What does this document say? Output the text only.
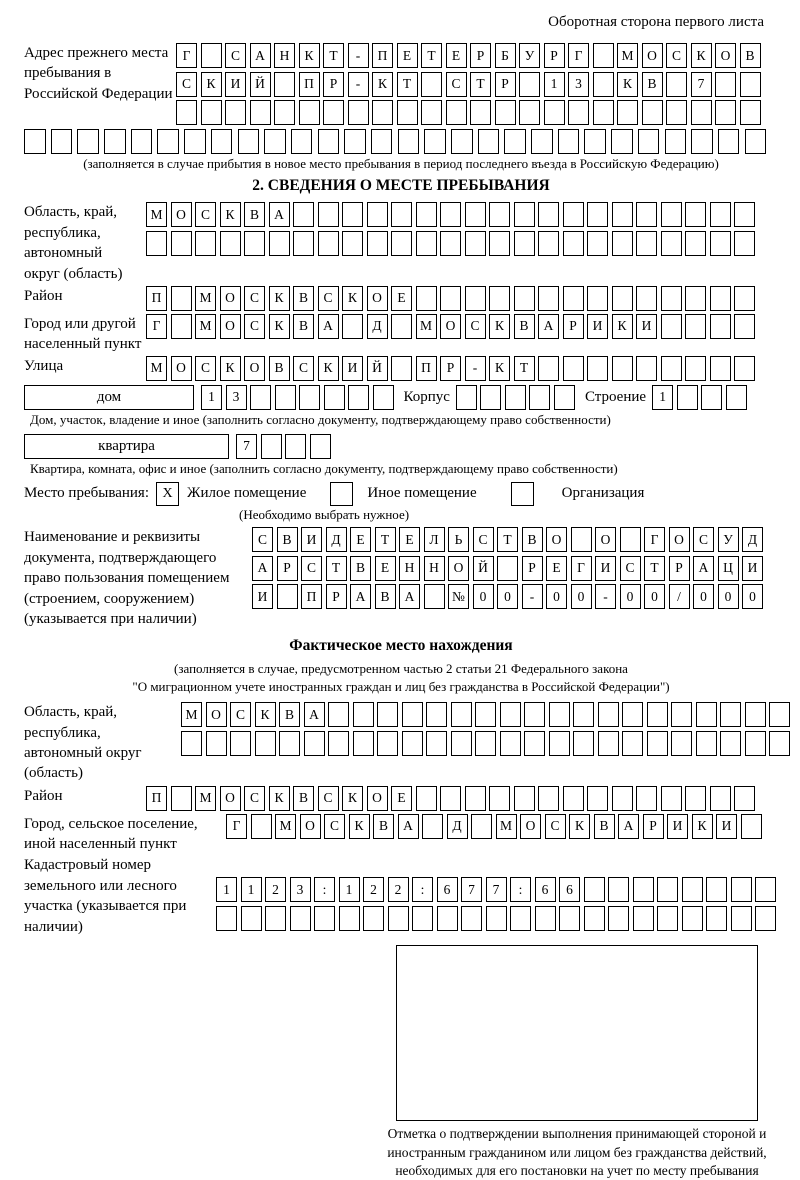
Оборотная сторона первого листа
Адрес прежнего места пребывания в Российской Федерации
Г	С	А	Н	К	Т	-	П	Е	Т	Е	Р	Б	У	Р	Г	М	О	С	К	О	В
С	К	И	Й	П	Р	-	К	Т	С	Т	Р	1	3	К	В	7
(заполняется в случае прибытия в новое место пребывания в период последнего въезда в Российскую Федерацию)
2. СВЕДЕНИЯ О МЕСТЕ ПРЕБЫВАНИЯ
Область, край,
республика,
автономный
округ (область)
М	О	С	К	В	А
Район	П	М	О	С	К	В	С	К	О	Е
Город или другой
населенный пункт
Г	М	О	С	К	В	А	Д	М	О	С	К	В	А	Р	И	К	И
Улица	М	О	С	К	О	В	С	К	И	Й	П	Р	-	К	Т
дом	1	3	Корпус	Строение 1
Дом, участок, владение и иное (заполнить согласно документу, подтверждающему право собственности)
квартира	7
Квартира, комната, офис и иное (заполнить согласно документу, подтверждающему право собственности)
Место пребывания: X Жилое помещение	Иное помещение	Организация
(Необходимо выбрать нужное)
Наименование и реквизиты документа, подтверждающего право пользования помещением (строением, сооружением) (указывается при наличии)
С	В	И	Д	Е	Т	Е	Л	Ь	С	Т	В	О	О	Г	О	С	У	Д
А	Р	С	Т	В	Е	Н	Н	О	Й	Р	Е	Г	И	С	Т	Р	А	Ц	И
И	П	Р	А	В	А	№	0	0	-	0	0	-	0	0	/	0	0	0
Фактическое место нахождения
(заполняется в случае, предусмотренном частью 2 статьи 21 Федерального закона
"О миграционном учете иностранных граждан и лиц без гражданства в Российской Федерации")
Область, край,
республика,
автономный округ
(область)
М	О	С	К	В	А
Район	П	М	О	С	К	В	С	К	О	Е
Город, сельское поселение,
иной населенный пункт
Г	М	О	С	К	В	А	Д	М	О	С	К	В	А	Р	И	К	И
Кадастровый номер земельного или лесного участка (указывается при наличии)
1	1	2	3	:	1	2	2	:	6	7	7	:	6	6
Отметка о подтверждении выполнения принимающей стороной и иностранным гражданином или лицом без гражданства действий, необходимых для его постановки на учет по месту пребывания
